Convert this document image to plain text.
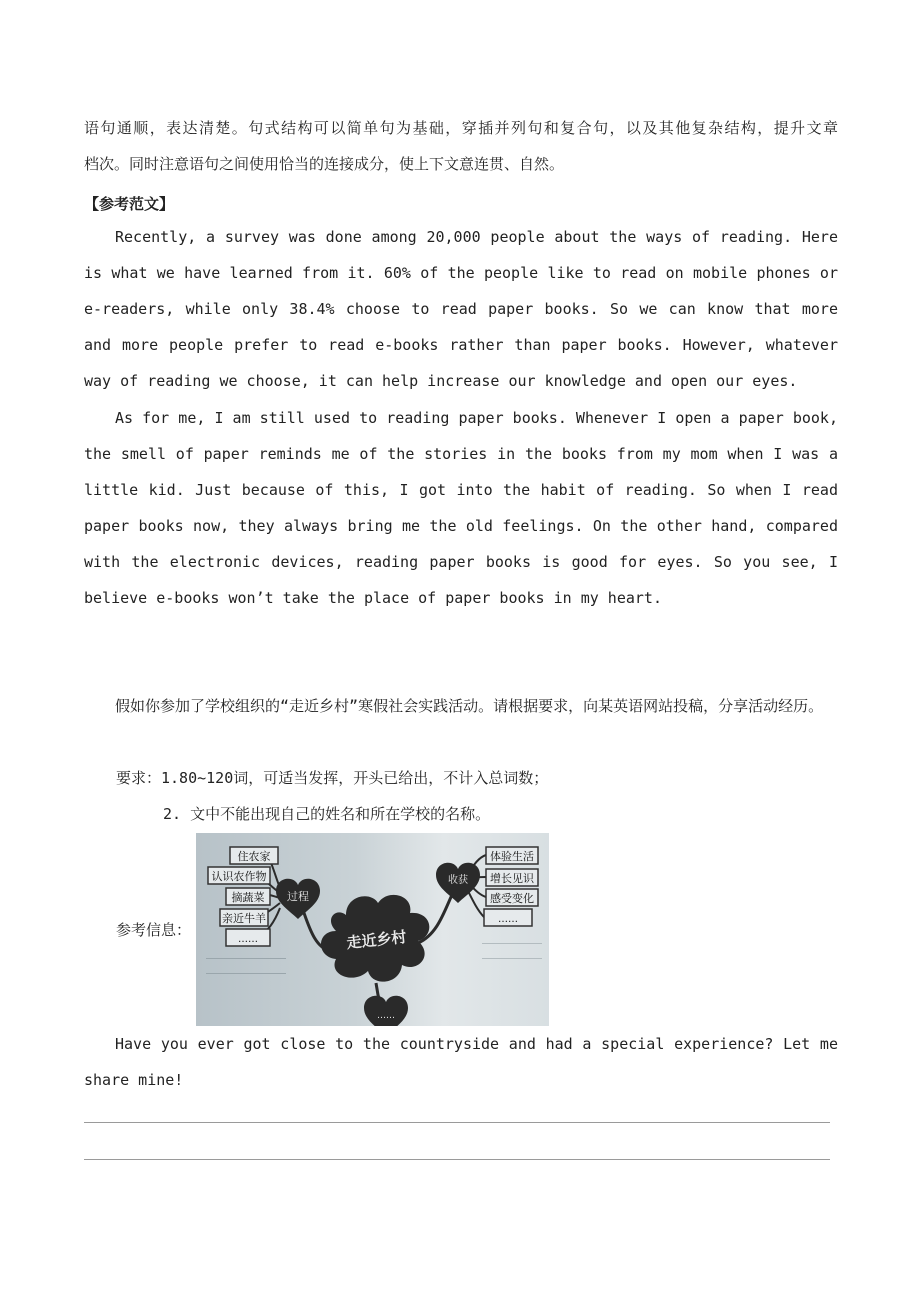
语句通顺，表达清楚。句式结构可以简单句为基础，穿插并列句和复合句，以及其他复杂结构，提升文章

档次。同时注意语句之间使用恰当的连接成分，使上下文意连贯、自然。

【参考范文】

Recently, a survey was done among 20,000 people about the ways of reading. Here is what we have learned from it. 60% of the people like to read on mobile phones or e-readers, while only 38.4% choose to read paper books. So we can know that more and more people prefer to read e-books rather than paper books. However, whatever way of reading we choose, it can help increase our knowledge and open our eyes.

As for me, I am still used to reading paper books. Whenever I open a paper book, the smell of paper reminds me of the stories in the books from my mom when I was a little kid. Just because of this, I got into the habit of reading. So when I read paper books now, they always bring me the old feelings. On the other hand, compared with the electronic devices, reading paper books is good for eyes. So you see, I believe e-books won’t take the place of paper books in my heart.

假如你参加了学校组织的“走近乡村”寒假社会实践活动。请根据要求，向某英语网站投稿，分享活动经历。

要求：1.80~120词，可适当发挥，开头已给出，不计入总词数；

2. 文中不能出现自己的姓名和所在学校的名称。

参考信息：	走近乡村
过程
收获
……
住农家
认识农作物
摘蔬菜
亲近牛羊
……
体验生活
增长见识
感受变化
……

Have you ever got close to the countryside and had a special experience? Let me share mine!
